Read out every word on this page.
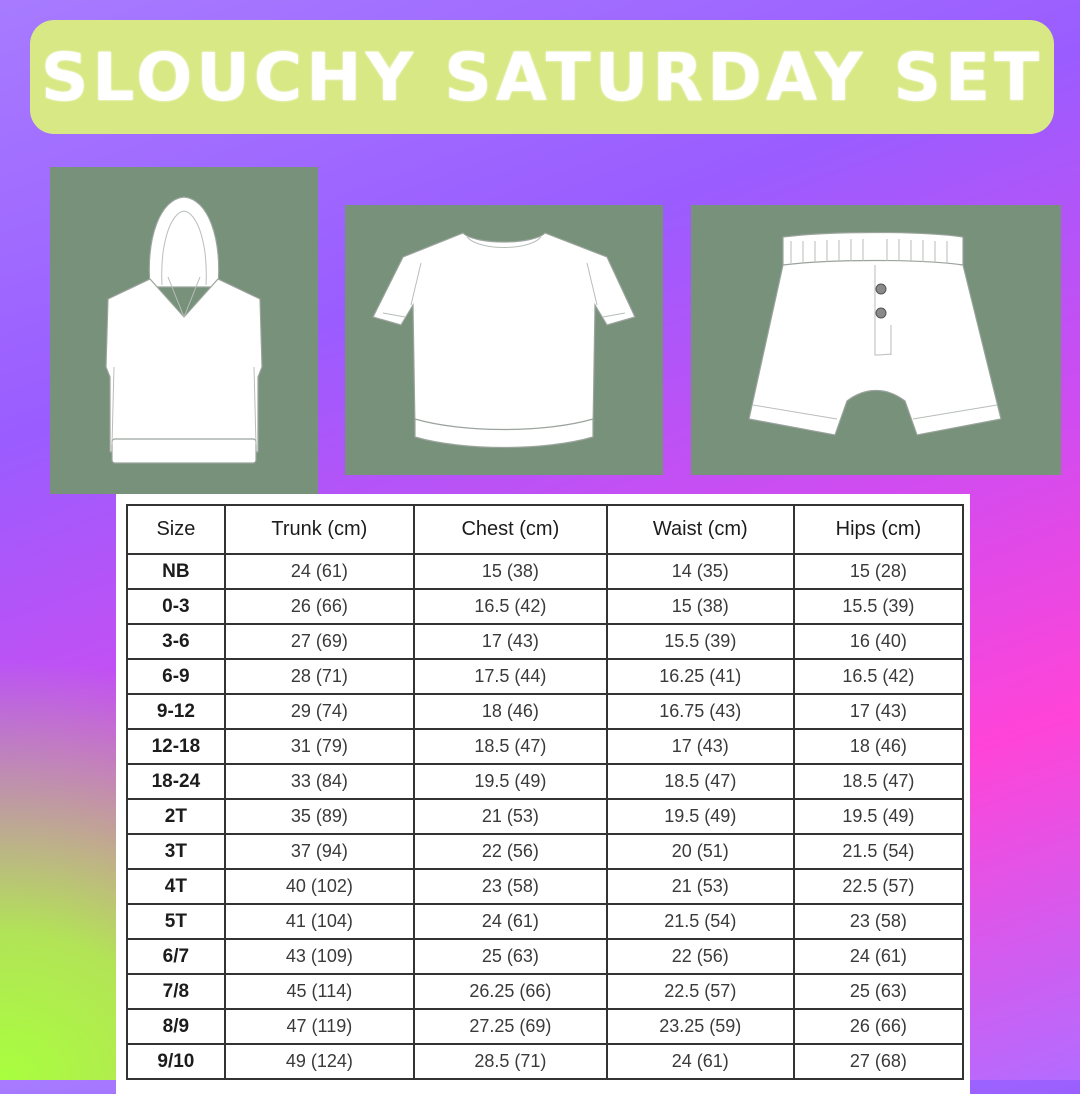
SLOUCHY SATURDAY SET
Size	Trunk (cm)	Chest (cm)	Waist (cm)	Hips (cm)
NB	24 (61)	15 (38)	14 (35)	15 (28)
0-3	26 (66)	16.5 (42)	15 (38)	15.5 (39)
3-6	27 (69)	17 (43)	15.5 (39)	16 (40)
6-9	28 (71)	17.5 (44)	16.25 (41)	16.5 (42)
9-12	29 (74)	18 (46)	16.75 (43)	17 (43)
12-18	31 (79)	18.5 (47)	17 (43)	18 (46)
18-24	33 (84)	19.5 (49)	18.5 (47)	18.5 (47)
2T	35 (89)	21 (53)	19.5 (49)	19.5 (49)
3T	37 (94)	22 (56)	20 (51)	21.5 (54)
4T	40 (102)	23 (58)	21 (53)	22.5 (57)
5T	41 (104)	24 (61)	21.5 (54)	23 (58)
6/7	43 (109)	25 (63)	22 (56)	24 (61)
7/8	45 (114)	26.25 (66)	22.5 (57)	25 (63)
8/9	47 (119)	27.25 (69)	23.25 (59)	26 (66)
9/10	49 (124)	28.5 (71)	24 (61)	27 (68)
